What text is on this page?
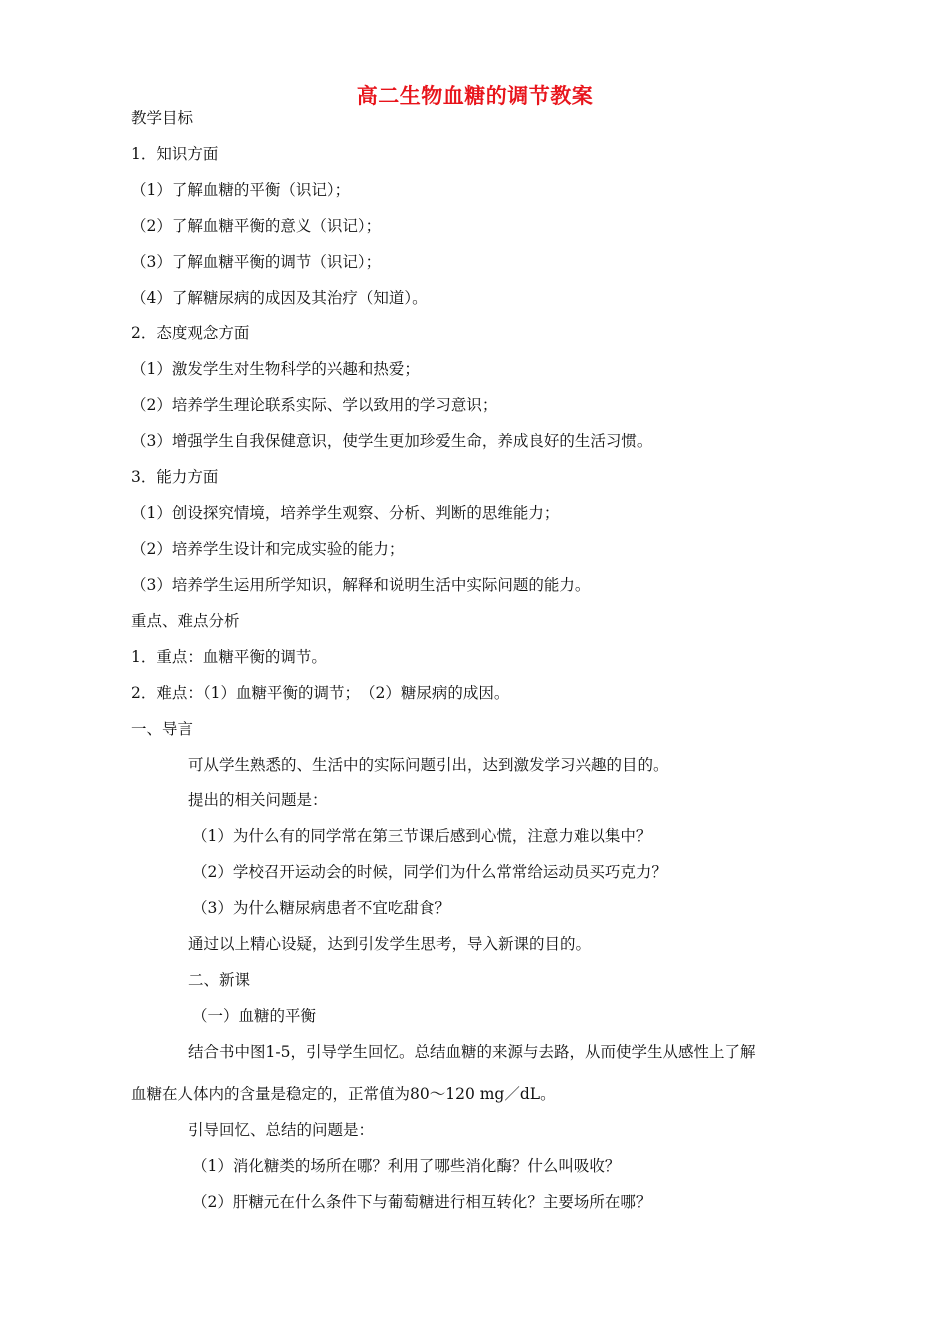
高二生物血糖的调节教案
教学目标
1．知识方面
（1）了解血糖的平衡（识记）；
（2）了解血糖平衡的意义（识记）；
（3）了解血糖平衡的调节（识记）；
（4）了解糖尿病的成因及其治疗（知道）。
2．态度观念方面
（1）激发学生对生物科学的兴趣和热爱；
（2）培养学生理论联系实际、学以致用的学习意识；
（3）增强学生自我保健意识，使学生更加珍爱生命，养成良好的生活习惯。
3．能力方面
（1）创设探究情境，培养学生观察、分析、判断的思维能力；
（2）培养学生设计和完成实验的能力；
（3）培养学生运用所学知识，解释和说明生活中实际问题的能力。
重点、难点分析
1．重点：血糖平衡的调节。
2．难点：（1）血糖平衡的调节；　（2）糖尿病的成因。
一、导言
可从学生熟悉的、生活中的实际问题引出，达到激发学习兴趣的目的。
提出的相关问题是：
（1）为什么有的同学常在第三节课后感到心慌，注意力难以集中？
（2）学校召开运动会的时候，同学们为什么常常给运动员买巧克力？
（3）为什么糖尿病患者不宜吃甜食？
通过以上精心设疑，达到引发学生思考，导入新课的目的。
二、新课
（一）血糖的平衡
结合书中图1-5，引导学生回忆。总结血糖的来源与去路，从而使学生从感性上了解
血糖在人体内的含量是稳定的，正常值为80～120 mg／dL。
引导回忆、总结的问题是：
（1）消化糖类的场所在哪？利用了哪些消化酶？什么叫吸收？
（2）肝糖元在什么条件下与葡萄糖进行相互转化？主要场所在哪？
